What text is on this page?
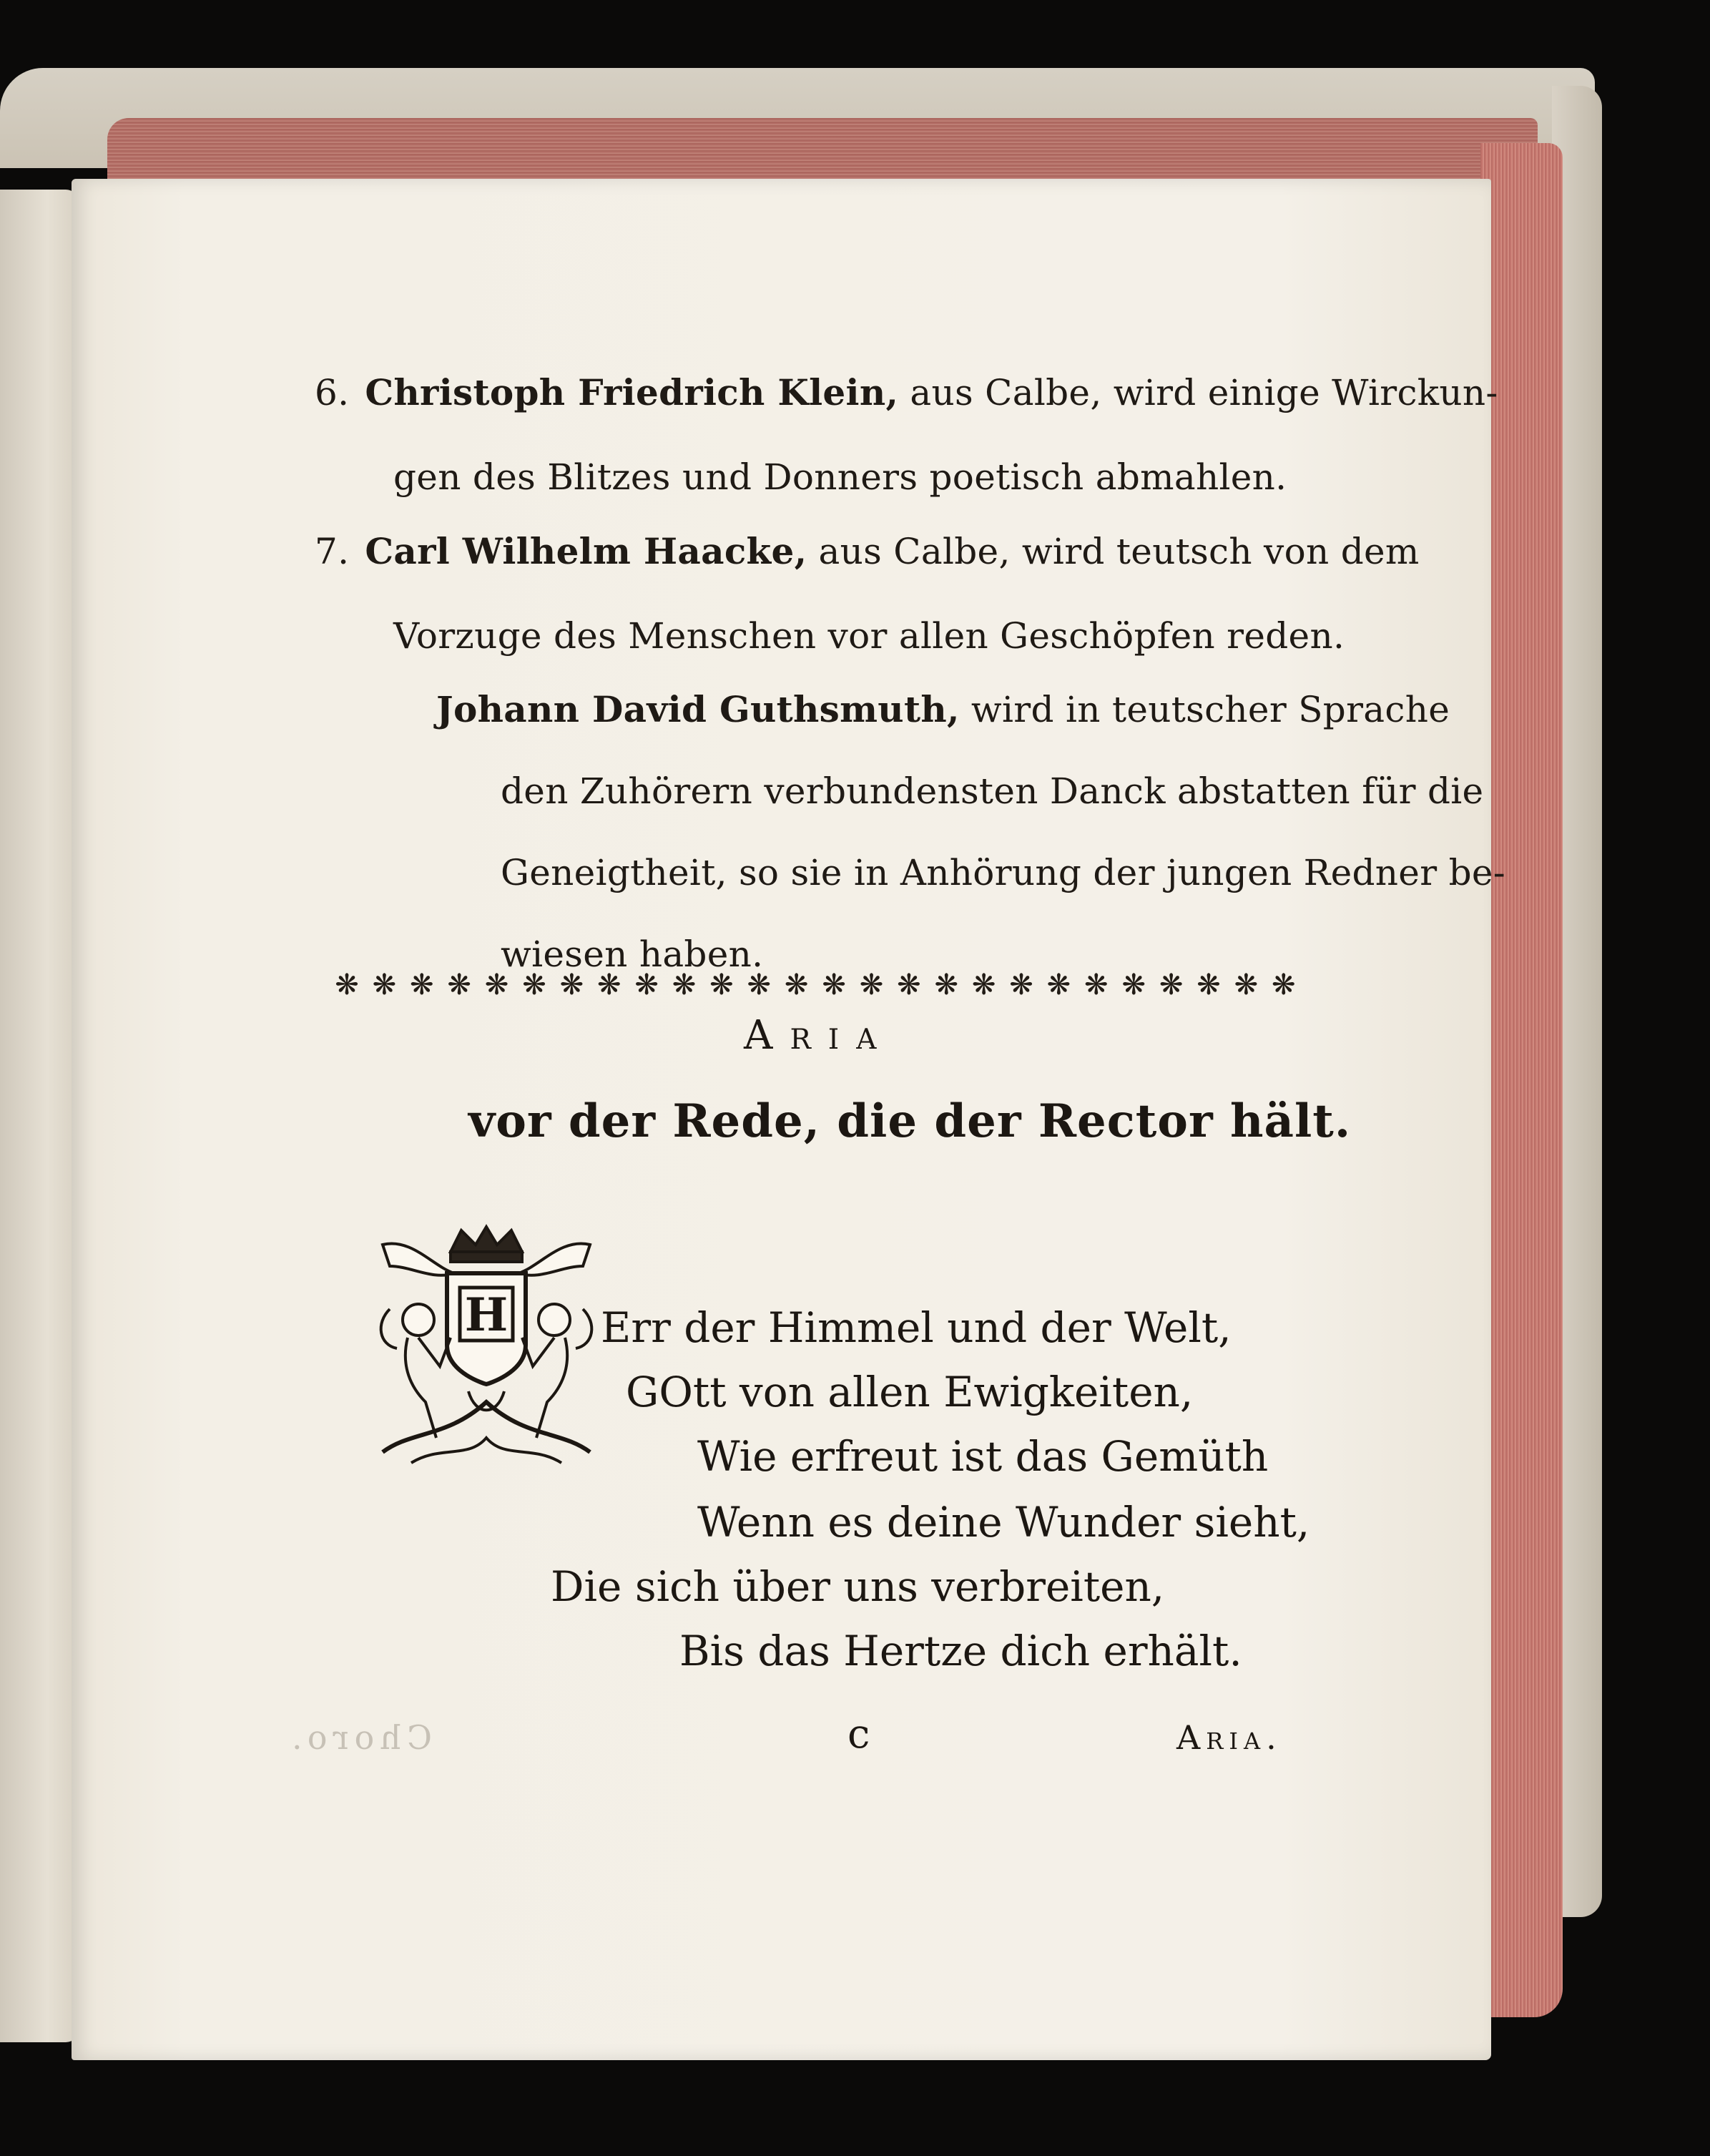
Choro.
6. Christoph Friedrich Klein, aus Calbe, wird einige Wirckun-
gen des Blitzes und Donners poetisch abmahlen.
7. Carl Wilhelm Haacke, aus Calbe, wird teutsch von dem
Vorzuge des Menschen vor allen Geschöpfen reden.
Johann David Guthsmuth, wird in teutscher Sprache
den Zuhörern verbundensten Danck abstatten für die
Geneigtheit, so sie in Anhörung der jungen Redner be-
wiesen haben.
❋ ❋ ❋ ❋ ❋ ❋ ❋ ❋ ❋ ❋ ❋ ❋ ❋ ❋ ❋ ❋ ❋ ❋ ❋ ❋ ❋ ❋ ❋ ❋ ❋ ❋
Aria
vor der Rede, die der Rector hält.
H Err der Himmel und der Welt,
GOtt von allen Ewigkeiten,
Wie erfreut ist das Gemüth
Wenn es deine Wunder sieht,
Die sich über uns verbreiten,
Bis das Hertze dich erhält.
c	Aria.
